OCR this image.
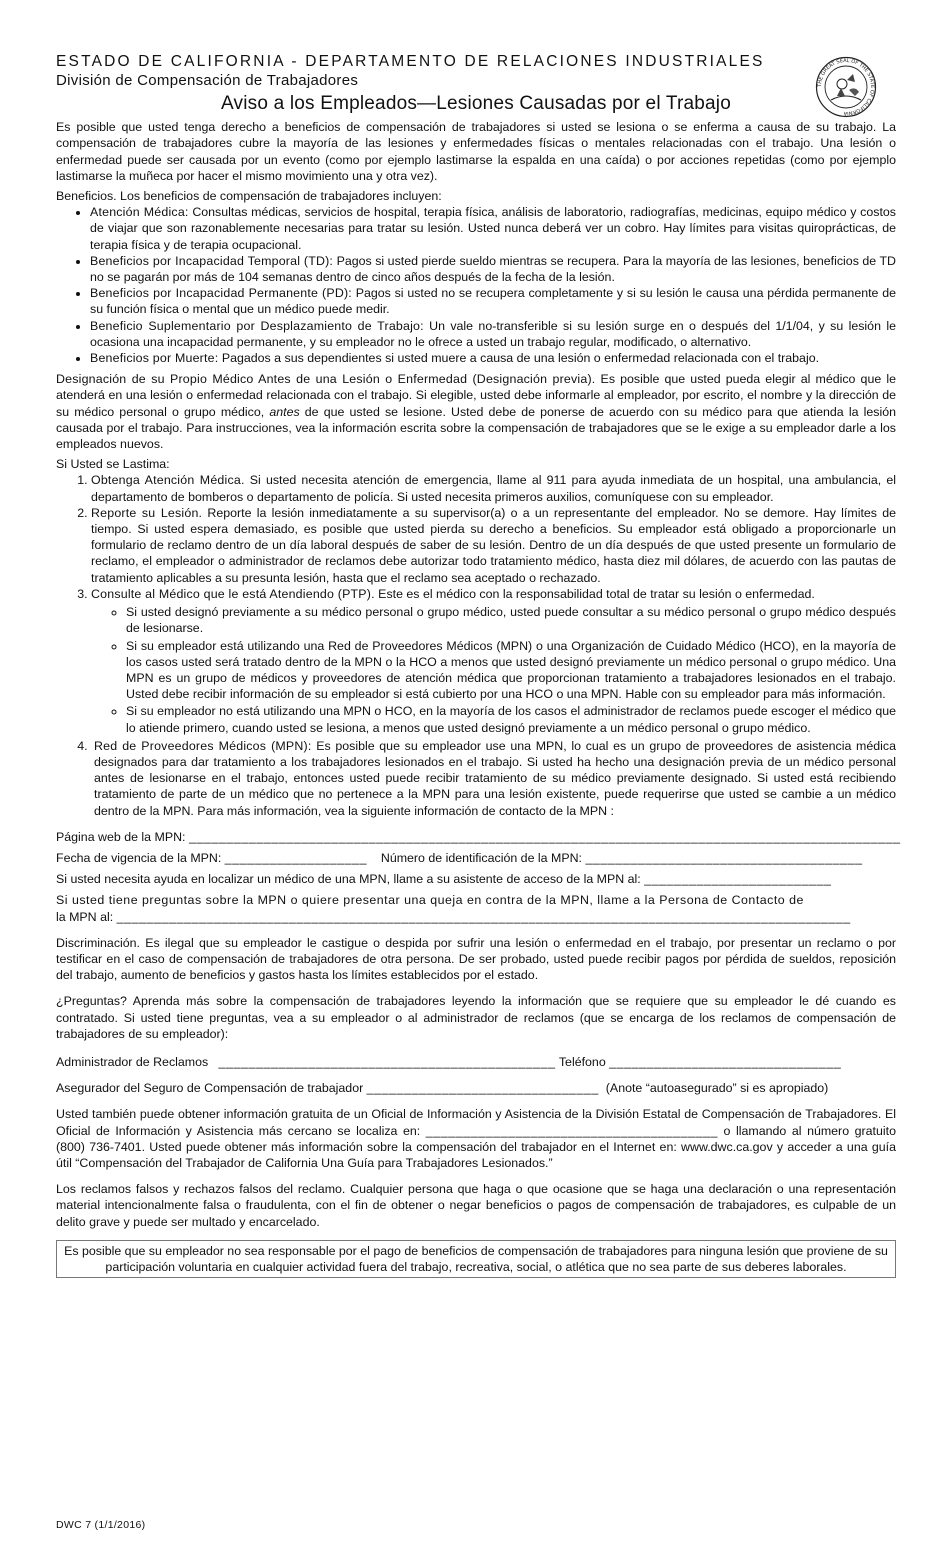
THE GREAT SEAL OF THE STATE OF CALIFORNIA
ESTADO DE CALIFORNIA - DEPARTAMENTO DE RELACIONES INDUSTRIALES
División de Compensación de Trabajadores
Aviso a los Empleados—Lesiones Causadas por el Trabajo

Es posible que usted tenga derecho a beneficios de compensación de trabajadores si usted se lesiona o se enferma a causa de su trabajo. La compensación de trabajadores cubre la mayoría de las lesiones y enfermedades físicas o mentales relacionadas con el trabajo. Una lesión o enfermedad puede ser causada por un evento (como por ejemplo lastimarse la espalda en una caída) o por acciones repetidas (como por ejemplo lastimarse la muñeca por hacer el mismo movimiento una y otra vez).

Beneficios. Los beneficios de compensación de trabajadores incluyen:
• Atención Médica: Consultas médicas, servicios de hospital, terapia física, análisis de laboratorio, radiografías, medicinas, equipo médico y costos de viajar que son razonablemente necesarias para tratar su lesión. Usted nunca deberá ver un cobro. Hay límites para visitas quiroprácticas, de terapia física y de terapia ocupacional.
• Beneficios por Incapacidad Temporal (TD): Pagos si usted pierde sueldo mientras se recupera. Para la mayoría de las lesiones, beneficios de TD no se pagarán por más de 104 semanas dentro de cinco años después de la fecha de la lesión.
• Beneficios por Incapacidad Permanente (PD): Pagos si usted no se recupera completamente y si su lesión le causa una pérdida permanente de su función física o mental que un médico puede medir.
• Beneficio Suplementario por Desplazamiento de Trabajo: Un vale no-transferible si su lesión surge en o después del 1/1/04, y su lesión le ocasiona una incapacidad permanente, y su empleador no le ofrece a usted un trabajo regular, modificado, o alternativo.
• Beneficios por Muerte: Pagados a sus dependientes si usted muere a causa de una lesión o enfermedad relacionada con el trabajo.

Designación de su Propio Médico Antes de una Lesión o Enfermedad (Designación previa). Es posible que usted pueda elegir al médico que le atenderá en una lesión o enfermedad relacionada con el trabajo. Si elegible, usted debe informarle al empleador, por escrito, el nombre y la dirección de su médico personal o grupo médico, antes de que usted se lesione. Usted debe de ponerse de acuerdo con su médico para que atienda la lesión causada por el trabajo. Para instrucciones, vea la información escrita sobre la compensación de trabajadores que se le exige a su empleador darle a los empleados nuevos.

Si Usted se Lastima:
1. Obtenga Atención Médica. Si usted necesita atención de emergencia, llame al 911 para ayuda inmediata de un hospital, una ambulancia, el departamento de bomberos o departamento de policía. Si usted necesita primeros auxilios, comuníquese con su empleador.
2. Reporte su Lesión. Reporte la lesión inmediatamente a su supervisor(a) o a un representante del empleador. No se demore. Hay límites de tiempo. Si usted espera demasiado, es posible que usted pierda su derecho a beneficios. Su empleador está obligado a proporcionarle un formulario de reclamo dentro de un día laboral después de saber de su lesión. Dentro de un día después de que usted presente un formulario de reclamo, el empleador o administrador de reclamos debe autorizar todo tratamiento médico, hasta diez mil dólares, de acuerdo con las pautas de tratamiento aplicables a su presunta lesión, hasta que el reclamo sea aceptado o rechazado.
3. Consulte al Médico que le está Atendiendo (PTP). Este es el médico con la responsabilidad total de tratar su lesión o enfermedad.
◦ Si usted designó previamente a su médico personal o grupo médico, usted puede consultar a su médico personal o grupo médico después de lesionarse.
◦ Si su empleador está utilizando una Red de Proveedores Médicos (MPN) o una Organización de Cuidado Médico (HCO), en la mayoría de los casos usted será tratado dentro de la MPN o la HCO a menos que usted designó previamente un médico personal o grupo médico. Una MPN es un grupo de médicos y proveedores de atención médica que proporcionan tratamiento a trabajadores lesionados en el trabajo. Usted debe recibir información de su empleador si está cubierto por una HCO o una MPN. Hable con su empleador para más información.
◦ Si su empleador no está utilizando una MPN o HCO, en la mayoría de los casos el administrador de reclamos puede escoger el médico que lo atiende primero, cuando usted se lesiona, a menos que usted designó previamente a un médico personal o grupo médico.
4. Red de Proveedores Médicos (MPN): Es posible que su empleador use una MPN, lo cual es un grupo de proveedores de asistencia médica designados para dar tratamiento a los trabajadores lesionados en el trabajo. Si usted ha hecho una designación previa de un médico personal antes de lesionarse en el trabajo, entonces usted puede recibir tratamiento de su médico previamente designado. Si usted está recibiendo tratamiento de parte de un médico que no pertenece a la MPN para una lesión existente, puede requerirse que usted se cambie a un médico dentro de la MPN. Para más información, vea la siguiente información de contacto de la MPN :
Página web de la MPN: _______________________________________________________________________________________________
Fecha de vigencia de la MPN: ___________________ Número de identificación de la MPN: _____________________________________
Si usted necesita ayuda en localizar un médico de una MPN, llame a su asistente de acceso de la MPN al: _________________________
Si usted tiene preguntas sobre la MPN o quiere presentar una queja en contra de la MPN, llame a la Persona de Contacto de
la MPN al: __________________________________________________________________________________________________

Discriminación. Es ilegal que su empleador le castigue o despida por sufrir una lesión o enfermedad en el trabajo, por presentar un reclamo o por testificar en el caso de compensación de trabajadores de otra persona. De ser probado, usted puede recibir pagos por pérdida de sueldos, reposición del trabajo, aumento de beneficios y gastos hasta los límites establecidos por el estado.

¿Preguntas? Aprenda más sobre la compensación de trabajadores leyendo la información que se requiere que su empleador le dé cuando es contratado. Si usted tiene preguntas, vea a su empleador o al administrador de reclamos (que se encarga de los reclamos de compensación de trabajadores de su empleador):

Administrador de Reclamos _____________________________________________ Teléfono _______________________________
Asegurador del Seguro de Compensación de trabajador _______________________________ (Anote “autoasegurado” si es apropiado)

Usted también puede obtener información gratuita de un Oficial de Información y Asistencia de la División Estatal de Compensación de Trabajadores. El Oficial de Información y Asistencia más cercano se localiza en: _______________________________________ o llamando al número gratuito (800) 736-7401. Usted puede obtener más información sobre la compensación del trabajador en el Internet en: www.dwc.ca.gov y acceder a una guía útil “Compensación del Trabajador de California Una Guía para Trabajadores Lesionados.”

Los reclamos falsos y rechazos falsos del reclamo. Cualquier persona que haga o que ocasione que se haga una declaración o una representación material intencionalmente falsa o fraudulenta, con el fin de obtener o negar beneficios o pagos de compensación de trabajadores, es culpable de un delito grave y puede ser multado y encarcelado.

Es posible que su empleador no sea responsable por el pago de beneficios de compensación de trabajadores para ninguna lesión que proviene de su participación voluntaria en cualquier actividad fuera del trabajo, recreativa, social, o atlética que no sea parte de sus deberes laborales.
DWC 7 (1/1/2016)
